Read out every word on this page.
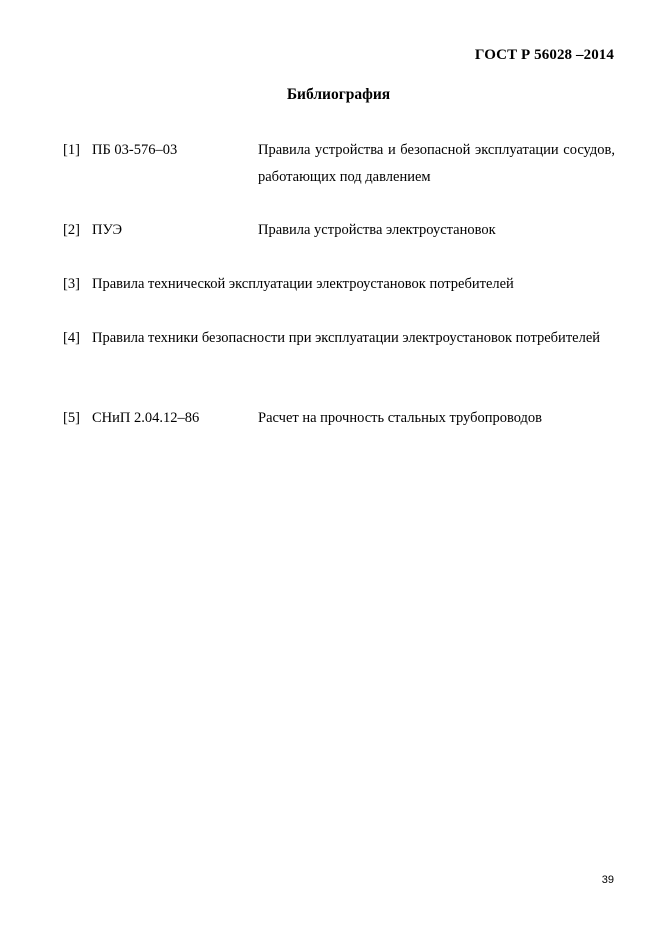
ГОСТ Р 56028 –2014
Библиография
[1] ПБ 03-576–03	Правила устройства и безопасной эксплуатации сосудов, работающих под давлением
[2] ПУЭ	Правила устройства электроустановок
[3] Правила технической эксплуатации электроустановок потребителей
[4] Правила техники безопасности при эксплуатации электроустановок потребителей
[5] СНиП 2.04.12–86	Расчет на прочность стальных трубопроводов
39
